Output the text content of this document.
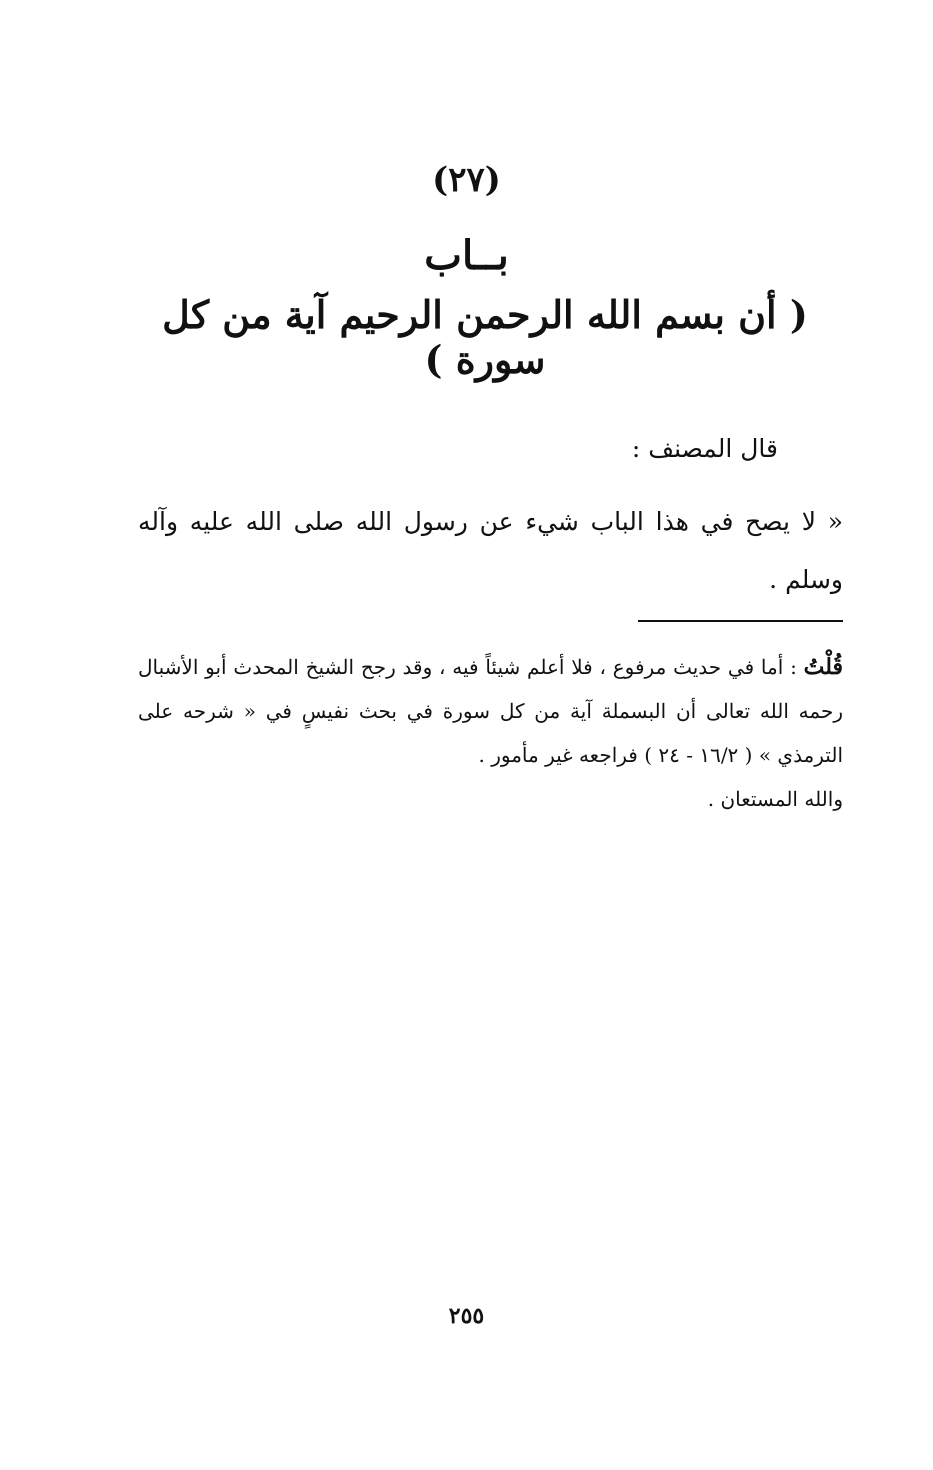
(٢٧)
بــاب
( أن بسم الله الرحمن الرحيم آية من كل سورة )
قال المصنف :
« لا يصح في هذا الباب شيء عن رسول الله صلى الله عليه وآله وسلم .

قُلْتُ : أما في حديث مرفوع ، فلا أعلم شيئاً فيه ، وقد رجح الشيخ المحدث أبو الأشبال رحمه الله تعالى أن البسملة آية من كل سورة في بحث نفيسٍ في « شرحه على الترمذي » ( ١٦/٢ - ٢٤ ) فراجعه غير مأمور .

والله المستعان .

٢٥٥
